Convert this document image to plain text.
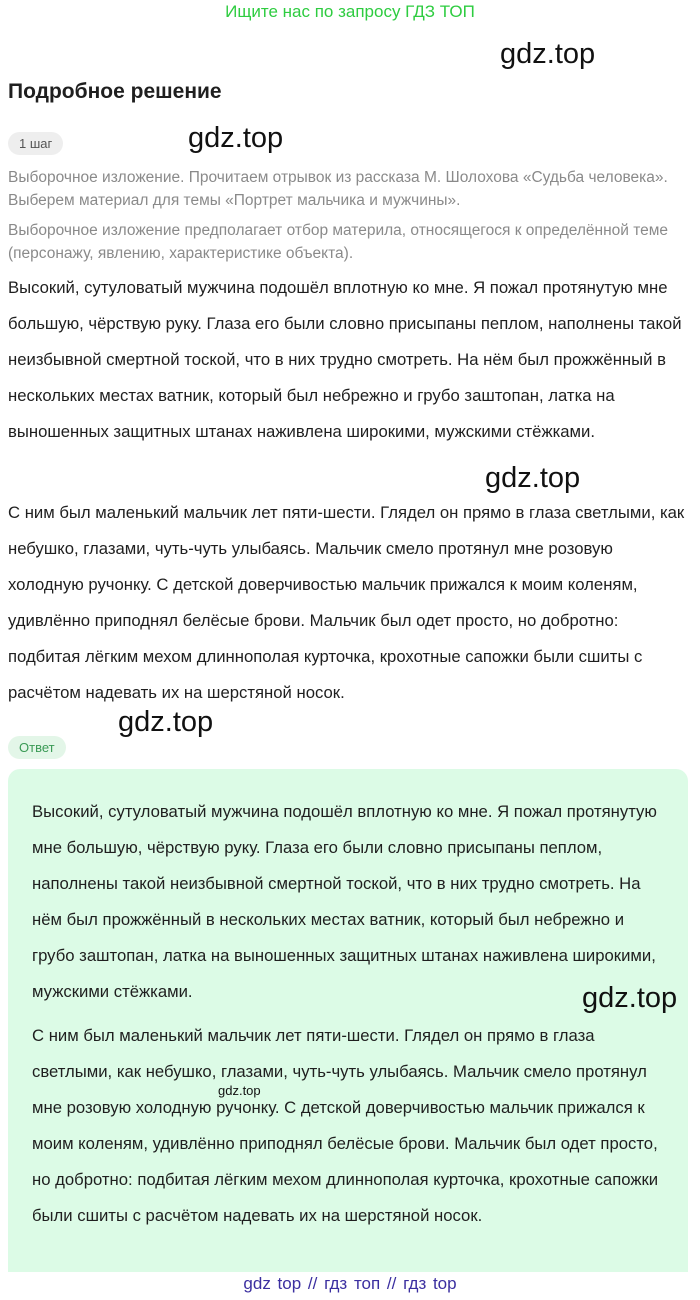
Ищите нас по запросу ГДЗ ТОП
gdz.top
Подробное решение
1 шаг	gdz.top

Выборочное изложение. Прочитаем отрывок из рассказа М. Шолохова «Судьба человека». Выберем материал для темы «Портрет мальчика и мужчины».

Выборочное изложение предполагает отбор материла, относящегося к определённой теме (персонажу, явлению, характеристике объекта).

Высокий, сутуловатый мужчина подошёл вплотную ко мне. Я пожал протянутую мне большую, чёрствую руку. Глаза его были словно присыпаны пеплом, наполнены такой неизбывной смертной тоской, что в них трудно смотреть. На нём был прожжённый в нескольких местах ватник, который был небрежно и грубо заштопан, латка на выношенных защитных штанах наживлена широкими, мужскими стёжками.

gdz.top

С ним был маленький мальчик лет пяти-шести. Глядел он прямо в глаза светлыми, как небушко, глазами, чуть-чуть улыбаясь. Мальчик смело протянул мне розовую холодную ручонку. С детской доверчивостью мальчик прижался к моим коленям, удивлённо приподнял белёсые брови. Мальчик был одет просто, но добротно: подбитая лёгким мехом длиннополая курточка, крохотные сапожки были сшиты с расчётом надевать их на шерстяной носок.

gdz.top
Ответ

Высокий, сутуловатый мужчина подошёл вплотную ко мне. Я пожал протянутую мне большую, чёрствую руку. Глаза его были словно присыпаны пеплом, наполнены такой неизбывной смертной тоской, что в них трудно смотреть. На нём был прожжённый в нескольких местах ватник, который был небрежно и грубо заштопан, латка на выношенных защитных штанах наживлена широкими, мужскими стёжками.	gdz.top

С ним был маленький мальчик лет пяти-шести. Глядел он прямо в глаза светлыми, как небушко, глазами, чуть-чуть улыбаясь. Мальчик смело протянул мне розовую холодную ручонку. С детской доверчивостью мальчик прижался к моим коленям, удивлённо приподнял белёсые брови. Мальчик был одет просто, но добротно: подбитая лёгким мехом длиннополая курточка, крохотные сапожки были сшиты с расчётом надевать их на шерстяной носок.

gdz.top
gdz top // гдз топ // гдз top
